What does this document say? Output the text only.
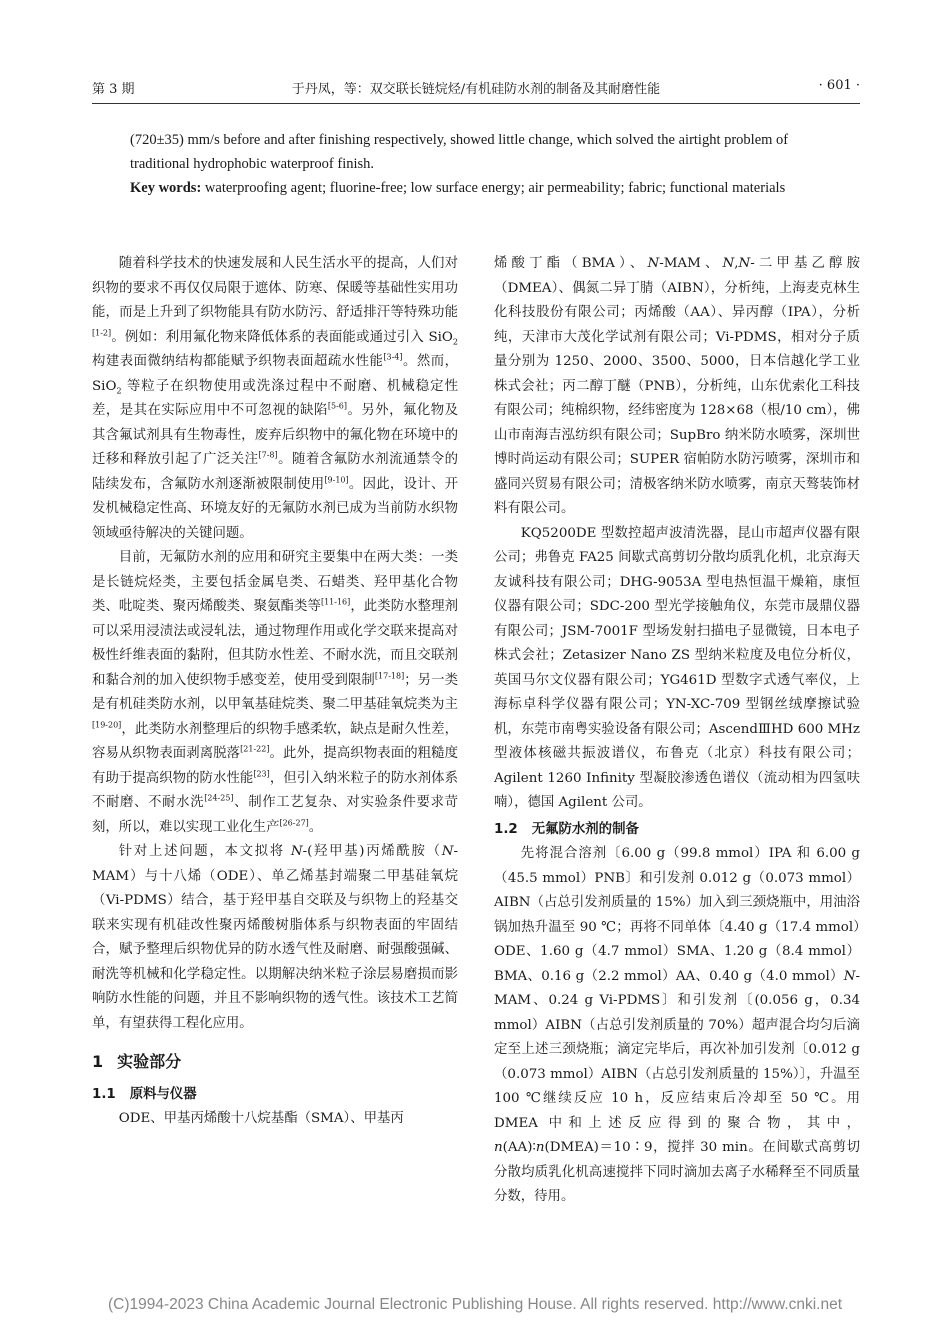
第 3 期	于丹凤，等：双交联长链烷烃/有机硅防水剂的制备及其耐磨性能	· 601 ·

(720±35) mm/s before and after finishing respectively, showed little change, which solved the airtight problem of traditional hydrophobic waterproof finish.

Key words: waterproofing agent; fluorine-free; low surface energy; air permeability; fabric; functional materials

随着科学技术的快速发展和人民生活水平的提高，人们对织物的要求不再仅仅局限于遮体、防寒、保暖等基础性实用功能，而是上升到了织物能具有防水防污、舒适排汗等特殊功能[1-2]。例如：利用氟化物来降低体系的表面能或通过引入 SiO$_2$ 构建表面微纳结构都能赋予织物表面超疏水性能[3-4]。然而，SiO$_2$ 等粒子在织物使用或洗涤过程中不耐磨、机械稳定性差，是其在实际应用中不可忽视的缺陷[5-6]。另外，氟化物及其含氟试剂具有生物毒性，废弃后织物中的氟化物在环境中的迁移和释放引起了广泛关注[7-8]。随着含氟防水剂流通禁令的陆续发布，含氟防水剂逐渐被限制使用[9-10]。因此，设计、开发机械稳定性高、环境友好的无氟防水剂已成为当前防水织物领域亟待解决的关键问题。

目前，无氟防水剂的应用和研究主要集中在两大类：一类是长链烷烃类，主要包括金属皂类、石蜡类、羟甲基化合物类、吡啶类、聚丙烯酸类、聚氨酯类等[11-16]，此类防水整理剂可以采用浸渍法或浸轧法，通过物理作用或化学交联来提高对极性纤维表面的黏附，但其防水性差、不耐水洗，而且交联剂和黏合剂的加入使织物手感变差，使用受到限制[17-18]；另一类是有机硅类防水剂，以甲氧基硅烷类、聚二甲基硅氧烷类为主[19-20]，此类防水剂整理后的织物手感柔软，缺点是耐久性差，容易从织物表面剥离脱落[21-22]。此外，提高织物表面的粗糙度有助于提高织物的防水性能[23]，但引入纳米粒子的防水剂体系不耐磨、不耐水洗[24-25]、制作工艺复杂、对实验条件要求苛刻，所以，难以实现工业化生产[26-27]。

针对上述问题，本文拟将 N-(羟甲基)丙烯酰胺（N-MAM）与十八烯（ODE）、单乙烯基封端聚二甲基硅氧烷（Vi-PDMS）结合，基于羟甲基自交联及与织物上的羟基交联来实现有机硅改性聚丙烯酸树脂体系与织物表面的牢固结合，赋予整理后织物优异的防水透气性及耐磨、耐强酸强碱、耐洗等机械和化学稳定性。以期解决纳米粒子涂层易磨损而影响防水性能的问题，并且不影响织物的透气性。该技术工艺简单，有望获得工程化应用。

1 实验部分
1.1 原料与仪器

ODE、甲基丙烯酸十八烷基酯（SMA）、甲基丙

烯酸丁酯（BMA）、N-MAM、N,N-二甲基乙醇胺（DMEA）、偶氮二异丁腈（AIBN），分析纯，上海麦克林生化科技股份有限公司；丙烯酸（AA）、异丙醇（IPA），分析纯，天津市大茂化学试剂有限公司；Vi-PDMS，相对分子质量分别为 1250、2000、3500、5000，日本信越化学工业株式会社；丙二醇丁醚（PNB），分析纯，山东优索化工科技有限公司；纯棉织物，经纬密度为 128×68（根/10 cm），佛山市南海吉泓纺织有限公司；SupBro 纳米防水喷雾，深圳世博时尚运动有限公司；SUPER 宿帕防水防污喷雾，深圳市和盛同兴贸易有限公司；清极客纳米防水喷雾，南京天骜装饰材料有限公司。

KQ5200DE 型数控超声波清洗器，昆山市超声仪器有限公司；弗鲁克 FA25 间歇式高剪切分散均质乳化机，北京海天友诚科技有限公司；DHG-9053A 型电热恒温干燥箱，康恒仪器有限公司；SDC-200 型光学接触角仪，东莞市晟鼎仪器有限公司；JSM-7001F 型场发射扫描电子显微镜，日本电子株式会社；Zetasizer Nano ZS 型纳米粒度及电位分析仪，英国马尔文仪器有限公司；YG461D 型数字式透气率仪，上海标卓科学仪器有限公司；YN-XC-709 型钢丝绒摩擦试验机，东莞市南粤实验设备有限公司；AscendⅢHD 600 MHz 型液体核磁共振波谱仪，布鲁克（北京）科技有限公司；Agilent 1260 Infinity 型凝胶渗透色谱仪（流动相为四氢呋喃），德国 Agilent 公司。

1.2 无氟防水剂的制备

先将混合溶剂〔6.00 g（99.8 mmol）IPA 和 6.00 g（45.5 mmol）PNB〕和引发剂 0.012 g（0.073 mmol）AIBN（占总引发剂质量的 15%）加入到三颈烧瓶中，用油浴锅加热升温至 90 ℃；再将不同单体〔4.40 g（17.4 mmol）ODE、1.60 g（4.7 mmol）SMA、1.20 g（8.4 mmol）BMA、0.16 g（2.2 mmol）AA、0.40 g（4.0 mmol）N-MAM、0.24 g Vi-PDMS〕和引发剂〔(0.056 g，0.34 mmol）AIBN（占总引发剂质量的 70%）超声混合均匀后滴定至上述三颈烧瓶；滴定完毕后，再次补加引发剂〔0.012 g（0.073 mmol）AIBN（占总引发剂质量的 15%）〕，升温至 100 ℃继续反应 10 h，反应结束后冷却至 50 ℃。用 DMEA 中和上述反应得到的聚合物，其中，n(AA)∶n(DMEA)＝10∶9，搅拌 30 min。在间歇式高剪切分散均质乳化机高速搅拌下同时滴加去离子水稀释至不同质量分数，待用。

(C)1994-2023 China Academic Journal Electronic Publishing House. All rights reserved. http://www.cnki.net
